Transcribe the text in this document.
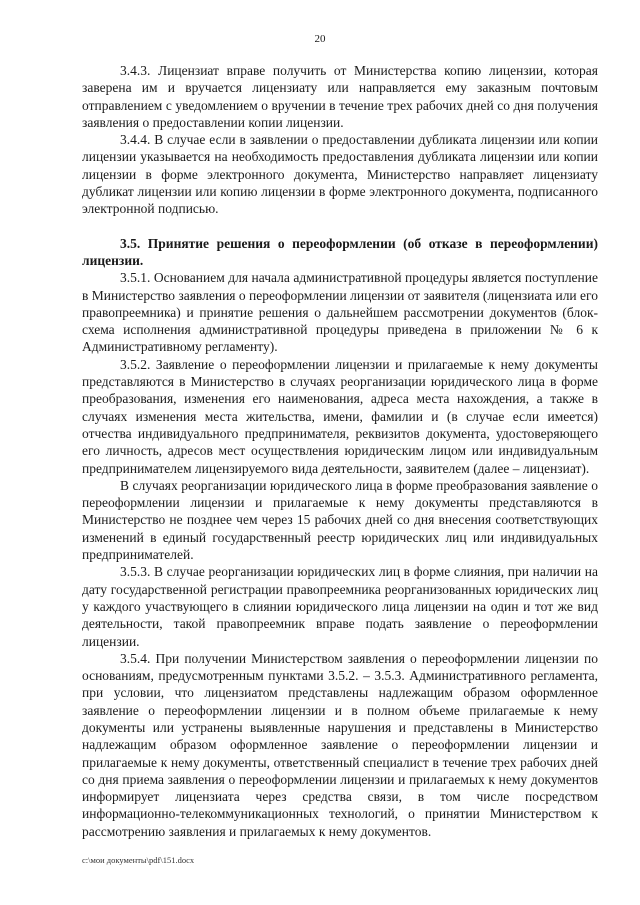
20

3.4.3. Лицензиат вправе получить от Министерства копию лицензии, которая заверена им и вручается лицензиату или направляется ему заказным почтовым отправлением с уведомлением о вручении в течение трех рабочих дней со дня получения заявления о предоставлении копии лицензии.

3.4.4. В случае если в заявлении о предоставлении дубликата лицензии или копии лицензии указывается на необходимость предоставления дубликата лицензии или копии лицензии в форме электронного документа, Министерство направляет лицензиату дубликат лицензии или копию лицензии в форме электронного документа, подписанного электронной подписью.

3.5. Принятие решения о переоформлении (об отказе в переоформлении) лицензии.

3.5.1. Основанием для начала административной процедуры является поступление в Министерство заявления о переоформлении лицензии от заявителя (лицензиата или его правопреемника) и принятие решения о дальнейшем рассмотрении документов (блок-схема исполнения административной процедуры приведена в приложении № 6 к Административному регламенту).

3.5.2. Заявление о переоформлении лицензии и прилагаемые к нему документы представляются в Министерство в случаях реорганизации юридического лица в форме преобразования, изменения его наименования, адреса места нахождения, а также в случаях изменения места жительства, имени, фамилии и (в случае если имеется) отчества индивидуального предпринимателя, реквизитов документа, удостоверяющего его личность, адресов мест осуществления юридическим лицом или индивидуальным предпринимателем лицензируемого вида деятельности, заявителем (далее – лицензиат).

В случаях реорганизации юридического лица в форме преобразования заявление о переоформлении лицензии и прилагаемые к нему документы представляются в Министерство не позднее чем через 15 рабочих дней со дня внесения соответствующих изменений в единый государственный реестр юридических лиц или индивидуальных предпринимателей.

3.5.3. В случае реорганизации юридических лиц в форме слияния, при наличии на дату государственной регистрации правопреемника реорганизованных юридических лиц у каждого участвующего в слиянии юридического лица лицензии на один и тот же вид деятельности, такой правопреемник вправе подать заявление о переоформлении лицензии.

3.5.4. При получении Министерством заявления о переоформлении лицензии по основаниям, предусмотренным пунктами 3.5.2. – 3.5.3. Административного регламента, при условии, что лицензиатом представлены надлежащим образом оформленное заявление о переоформлении лицензии и в полном объеме прилагаемые к нему документы или устранены выявленные нарушения и представлены в Министерство надлежащим образом оформленное заявление о переоформлении лицензии и прилагаемые к нему документы, ответственный специалист в течение трех рабочих дней со дня приема заявления о переоформлении лицензии и прилагаемых к нему документов информирует лицензиата через средства связи, в том числе посредством информационно-телекоммуникационных технологий, о принятии Министерством к рассмотрению заявления и прилагаемых к нему документов.

c:\мои документы\pdf\151.docx
